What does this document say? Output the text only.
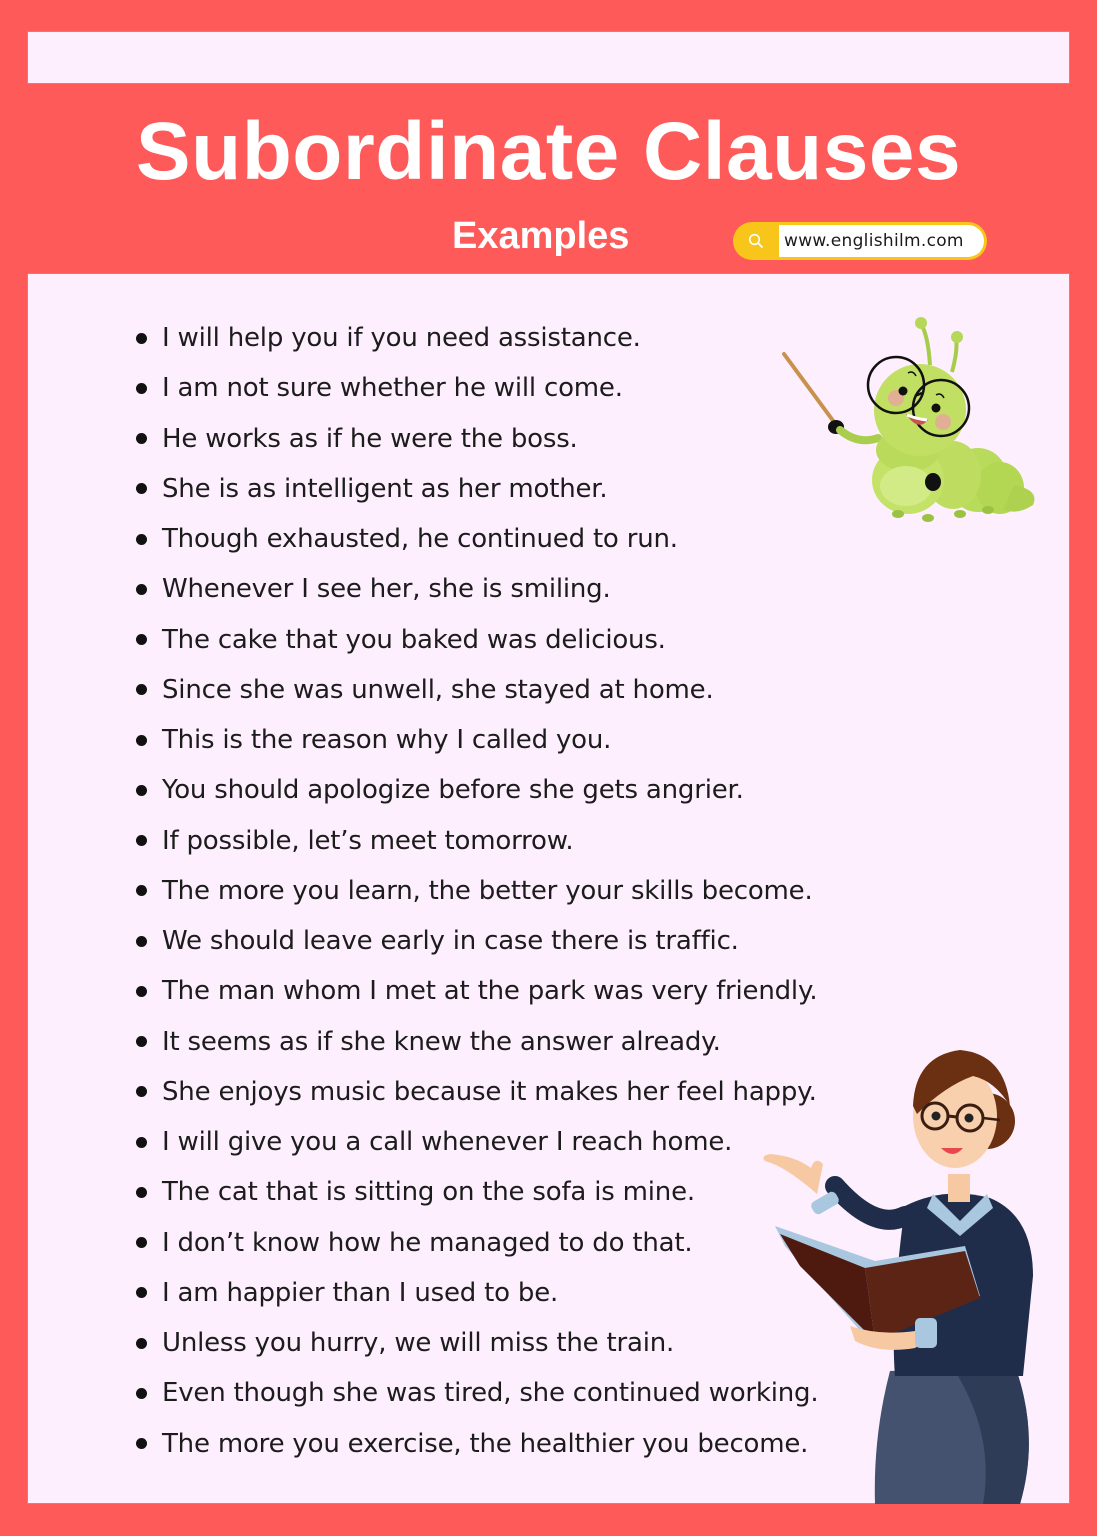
Subordinate Clauses
Examples	www.englishilm.com
I will help you if you need assistance.
I am not sure whether he will come.
He works as if he were the boss.
She is as intelligent as her mother.
Though exhausted, he continued to run.
Whenever I see her, she is smiling.
The cake that you baked was delicious.
Since she was unwell, she stayed at home.
This is the reason why I called you.
You should apologize before she gets angrier.
If possible, let’s meet tomorrow.
The more you learn, the better your skills become.
We should leave early in case there is traffic.
The man whom I met at the park was very friendly.
It seems as if she knew the answer already.
She enjoys music because it makes her feel happy.
I will give you a call whenever I reach home.
The cat that is sitting on the sofa is mine.
I don’t know how he managed to do that.
I am happier than I used to be.
Unless you hurry, we will miss the train.
Even though she was tired, she continued working.
The more you exercise, the healthier you become.
